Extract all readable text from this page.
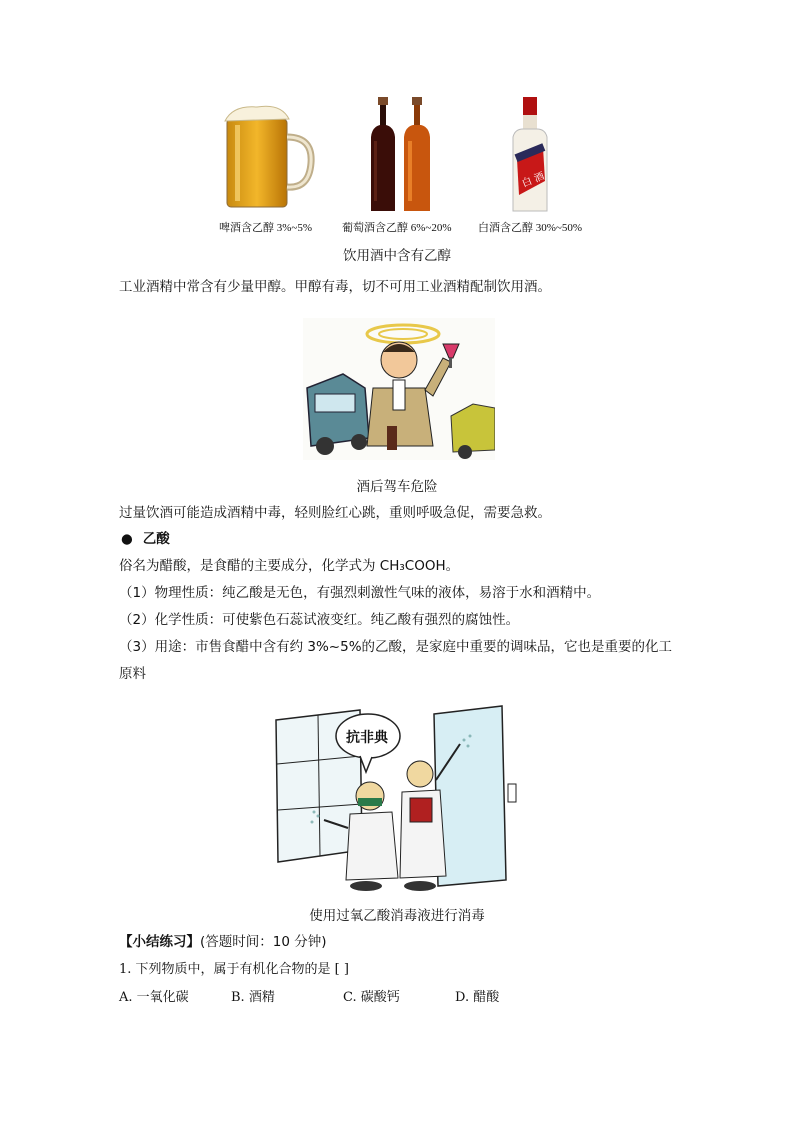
啤酒含乙醇 3%~5%	葡萄酒含乙醇 6%~20%
白 酒
白酒含乙醇 30%~50%
饮用酒中含有乙醇
工业酒精中常含有少量甲醇。甲醇有毒，切不可用工业酒精配制饮用酒。
酒后驾车危险
过量饮酒可能造成酒精中毒，轻则脸红心跳，重则呼吸急促，需要急救。
● 乙酸
俗名为醋酸，是食醋的主要成分，化学式为 CH₃COOH。
（1）物理性质：纯乙酸是无色，有强烈刺激性气味的液体，易溶于水和酒精中。
（2）化学性质：可使紫色石蕊试液变红。纯乙酸有强烈的腐蚀性。
（3）用途：市售食醋中含有约 3%~5%的乙酸，是家庭中重要的调味品，它也是重要的化工
原料
抗非典
使用过氧乙酸消毒液进行消毒
【小结练习】(答题时间：10 分钟)
1. 下列物质中，属于有机化合物的是 [ ]
A. 一氧化碳	B. 酒精	C. 碳酸钙	D. 醋酸
